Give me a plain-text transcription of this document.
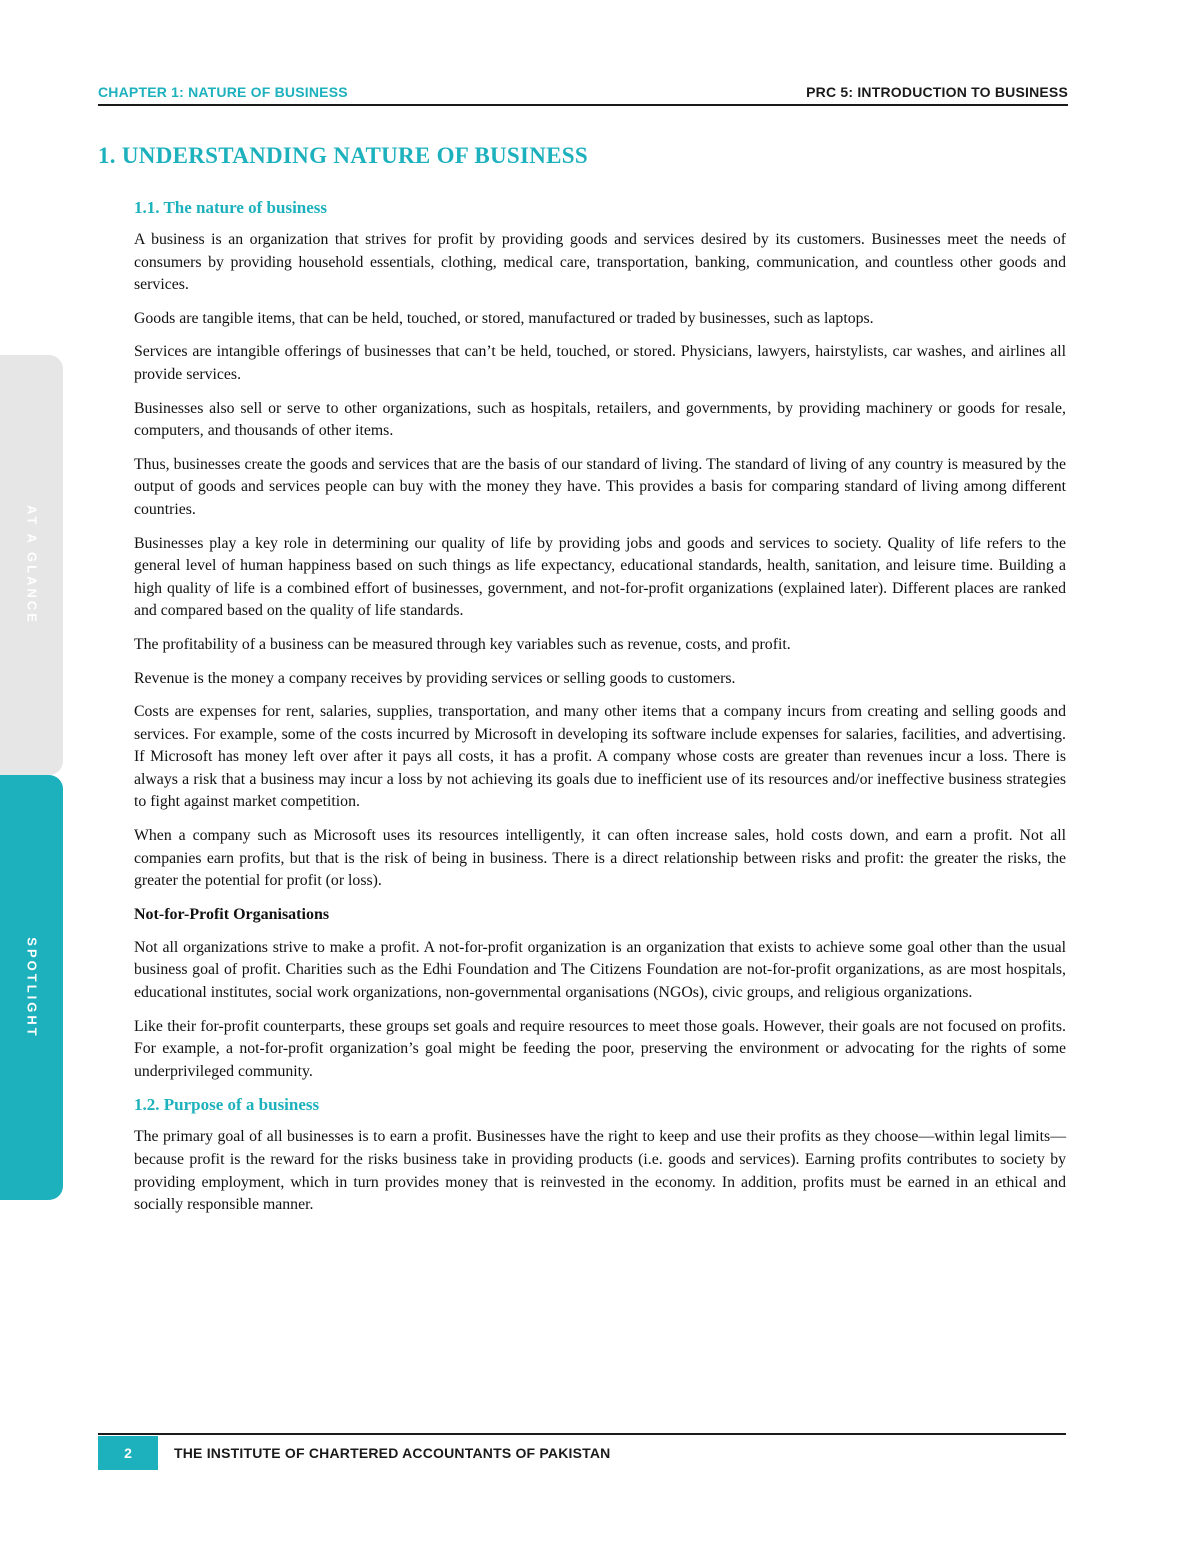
CHAPTER 1: NATURE OF BUSINESS	PRC 5: INTRODUCTION TO BUSINESS
AT A GLANCE
SPOTLIGHT
1. UNDERSTANDING NATURE OF BUSINESS
1.1. The nature of business

A business is an organization that strives for profit by providing goods and services desired by its customers. Businesses meet the needs of consumers by providing household essentials, clothing, medical care, transportation, banking, communication, and countless other goods and services.

Goods are tangible items, that can be held, touched, or stored, manufactured or traded by businesses, such as laptops.

Services are intangible offerings of businesses that can’t be held, touched, or stored. Physicians, lawyers, hairstylists, car washes, and airlines all provide services.

Businesses also sell or serve to other organizations, such as hospitals, retailers, and governments, by providing machinery or goods for resale, computers, and thousands of other items.

Thus, businesses create the goods and services that are the basis of our standard of living. The standard of living of any country is measured by the output of goods and services people can buy with the money they have. This provides a basis for comparing standard of living among different countries.

Businesses play a key role in determining our quality of life by providing jobs and goods and services to society. Quality of life refers to the general level of human happiness based on such things as life expectancy, educational standards, health, sanitation, and leisure time. Building a high quality of life is a combined effort of businesses, government, and not-for-profit organizations (explained later). Different places are ranked and compared based on the quality of life standards.

The profitability of a business can be measured through key variables such as revenue, costs, and profit.

Revenue is the money a company receives by providing services or selling goods to customers.

Costs are expenses for rent, salaries, supplies, transportation, and many other items that a company incurs from creating and selling goods and services. For example, some of the costs incurred by Microsoft in developing its software include expenses for salaries, facilities, and advertising. If Microsoft has money left over after it pays all costs, it has a profit. A company whose costs are greater than revenues incur a loss. There is always a risk that a business may incur a loss by not achieving its goals due to inefficient use of its resources and/or ineffective business strategies to fight against market competition.

When a company such as Microsoft uses its resources intelligently, it can often increase sales, hold costs down, and earn a profit. Not all companies earn profits, but that is the risk of being in business. There is a direct relationship between risks and profit: the greater the risks, the greater the potential for profit (or loss).

Not-for-Profit Organisations

Not all organizations strive to make a profit. A not-for-profit organization is an organization that exists to achieve some goal other than the usual business goal of profit. Charities such as the Edhi Foundation and The Citizens Foundation are not-for-profit organizations, as are most hospitals, educational institutes, social work organizations, non-governmental organisations (NGOs), civic groups, and religious organizations.

Like their for-profit counterparts, these groups set goals and require resources to meet those goals. However, their goals are not focused on profits. For example, a not-for-profit organization’s goal might be feeding the poor, preserving the environment or advocating for the rights of some underprivileged community.

1.2. Purpose of a business

The primary goal of all businesses is to earn a profit. Businesses have the right to keep and use their profits as they choose—within legal limits—because profit is the reward for the risks business take in providing products (i.e. goods and services). Earning profits contributes to society by providing employment, which in turn provides money that is reinvested in the economy. In addition, profits must be earned in an ethical and socially responsible manner.

2	THE INSTITUTE OF CHARTERED ACCOUNTANTS OF PAKISTAN
